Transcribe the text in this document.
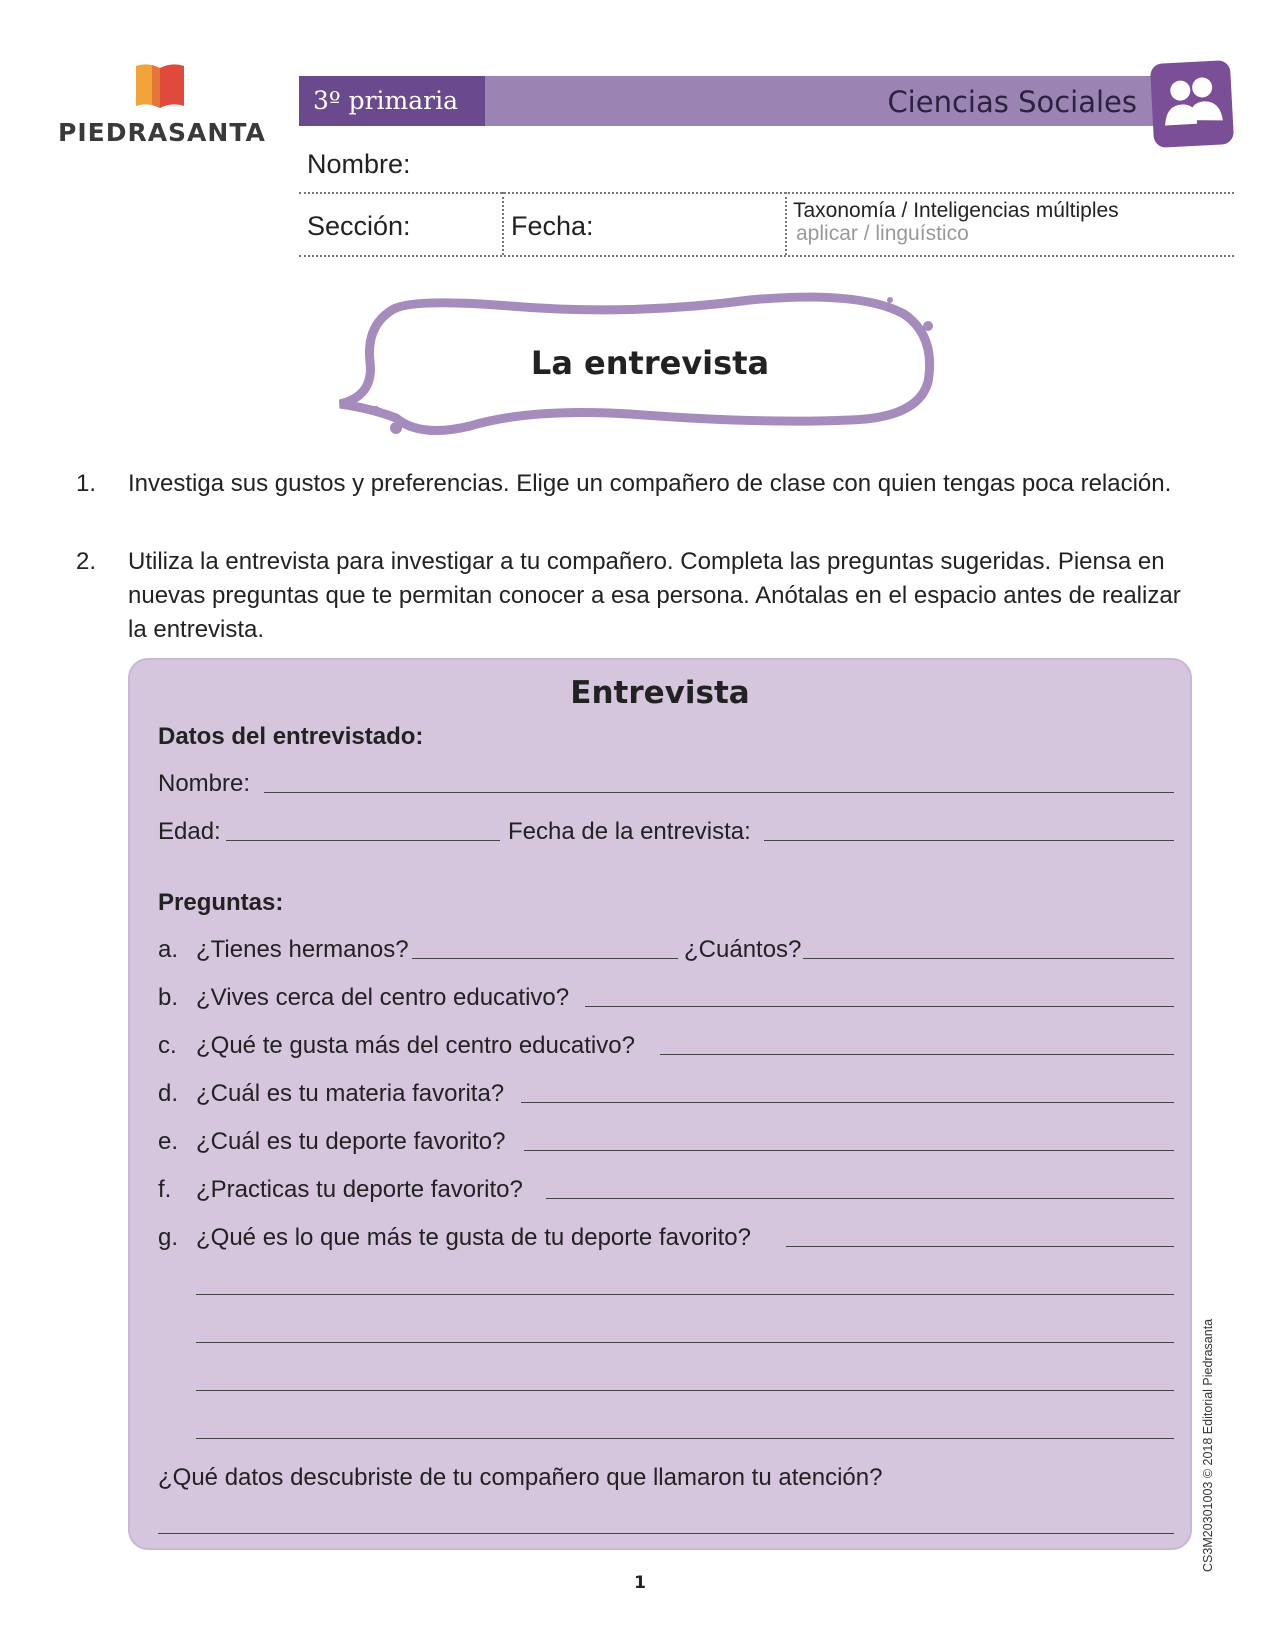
PIEDRASANTA
3º primaria	Ciencias Sociales
Nombre:
Sección:	Fecha:
Taxonomía / Inteligencias múltiples
aplicar / linguístico
La entrevista
1.	Investiga sus gustos y preferencias. Elige un compañero de clase con quien tengas poca relación.
2.	Utiliza la entrevista para investigar a tu compañero. Completa las preguntas sugeridas. Piensa en nuevas preguntas que te permitan conocer a esa persona. Anótalas en el espacio antes de realizar la entrevista.
Entrevista
Datos del entrevistado:
Nombre:
Edad:	Fecha de la entrevista:
Preguntas:
a. ¿Tienes hermanos?	¿Cuántos?
b. ¿Vives cerca del centro educativo?
c. ¿Qué te gusta más del centro educativo?
d. ¿Cuál es tu materia favorita?
e. ¿Cuál es tu deporte favorito?
f. ¿Practicas tu deporte favorito?
g. ¿Qué es lo que más te gusta de tu deporte favorito?
¿Qué datos descubriste de tu compañero que llamaron tu atención?	CS3M20301003 © 2018 Editorial Piedrasanta
1
